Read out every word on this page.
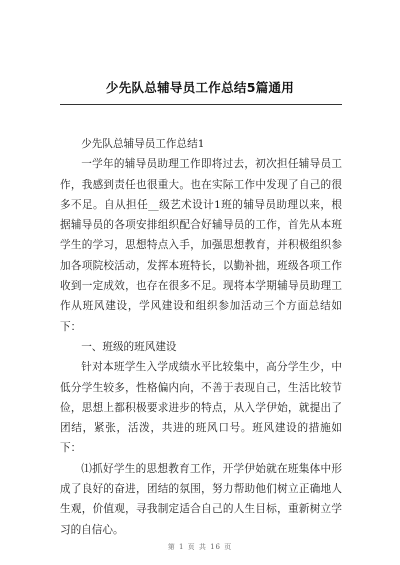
少先队总辅导员工作总结5篇通用

少先队总辅导员工作总结1

一学年的辅导员助理工作即将过去，初次担任辅导员工作，我感到责任也很重大。也在实际工作中发现了自己的很多不足。自从担任__级艺术设计1班的辅导员助理以来，根据辅导员的各项安排组织配合好辅导员的工作，首先从本班学生的学习，思想特点入手，加强思想教育，并积极组织参加各项院校活动，发挥本班特长，以勤补拙，班级各项工作收到一定成效，也存在很多不足。现将本学期辅导员助理工作从班风建设，学风建设和组织参加活动三个方面总结如下：

一、班级的班风建设

针对本班学生入学成绩水平比较集中，高分学生少，中低分学生较多，性格偏内向，不善于表现自己，生活比较节俭，思想上都积极要求进步的特点，从入学伊始，就提出了团结，紧张，活泼，共进的班风口号。班风建设的措施如下：

⑴抓好学生的思想教育工作，开学伊始就在班集体中形成了良好的奋进，团结的氛围，努力帮助他们树立正确地人生观，价值观，寻我制定适合自己的人生目标，重新树立学习的自信心。

第 1 页 共 16 页
